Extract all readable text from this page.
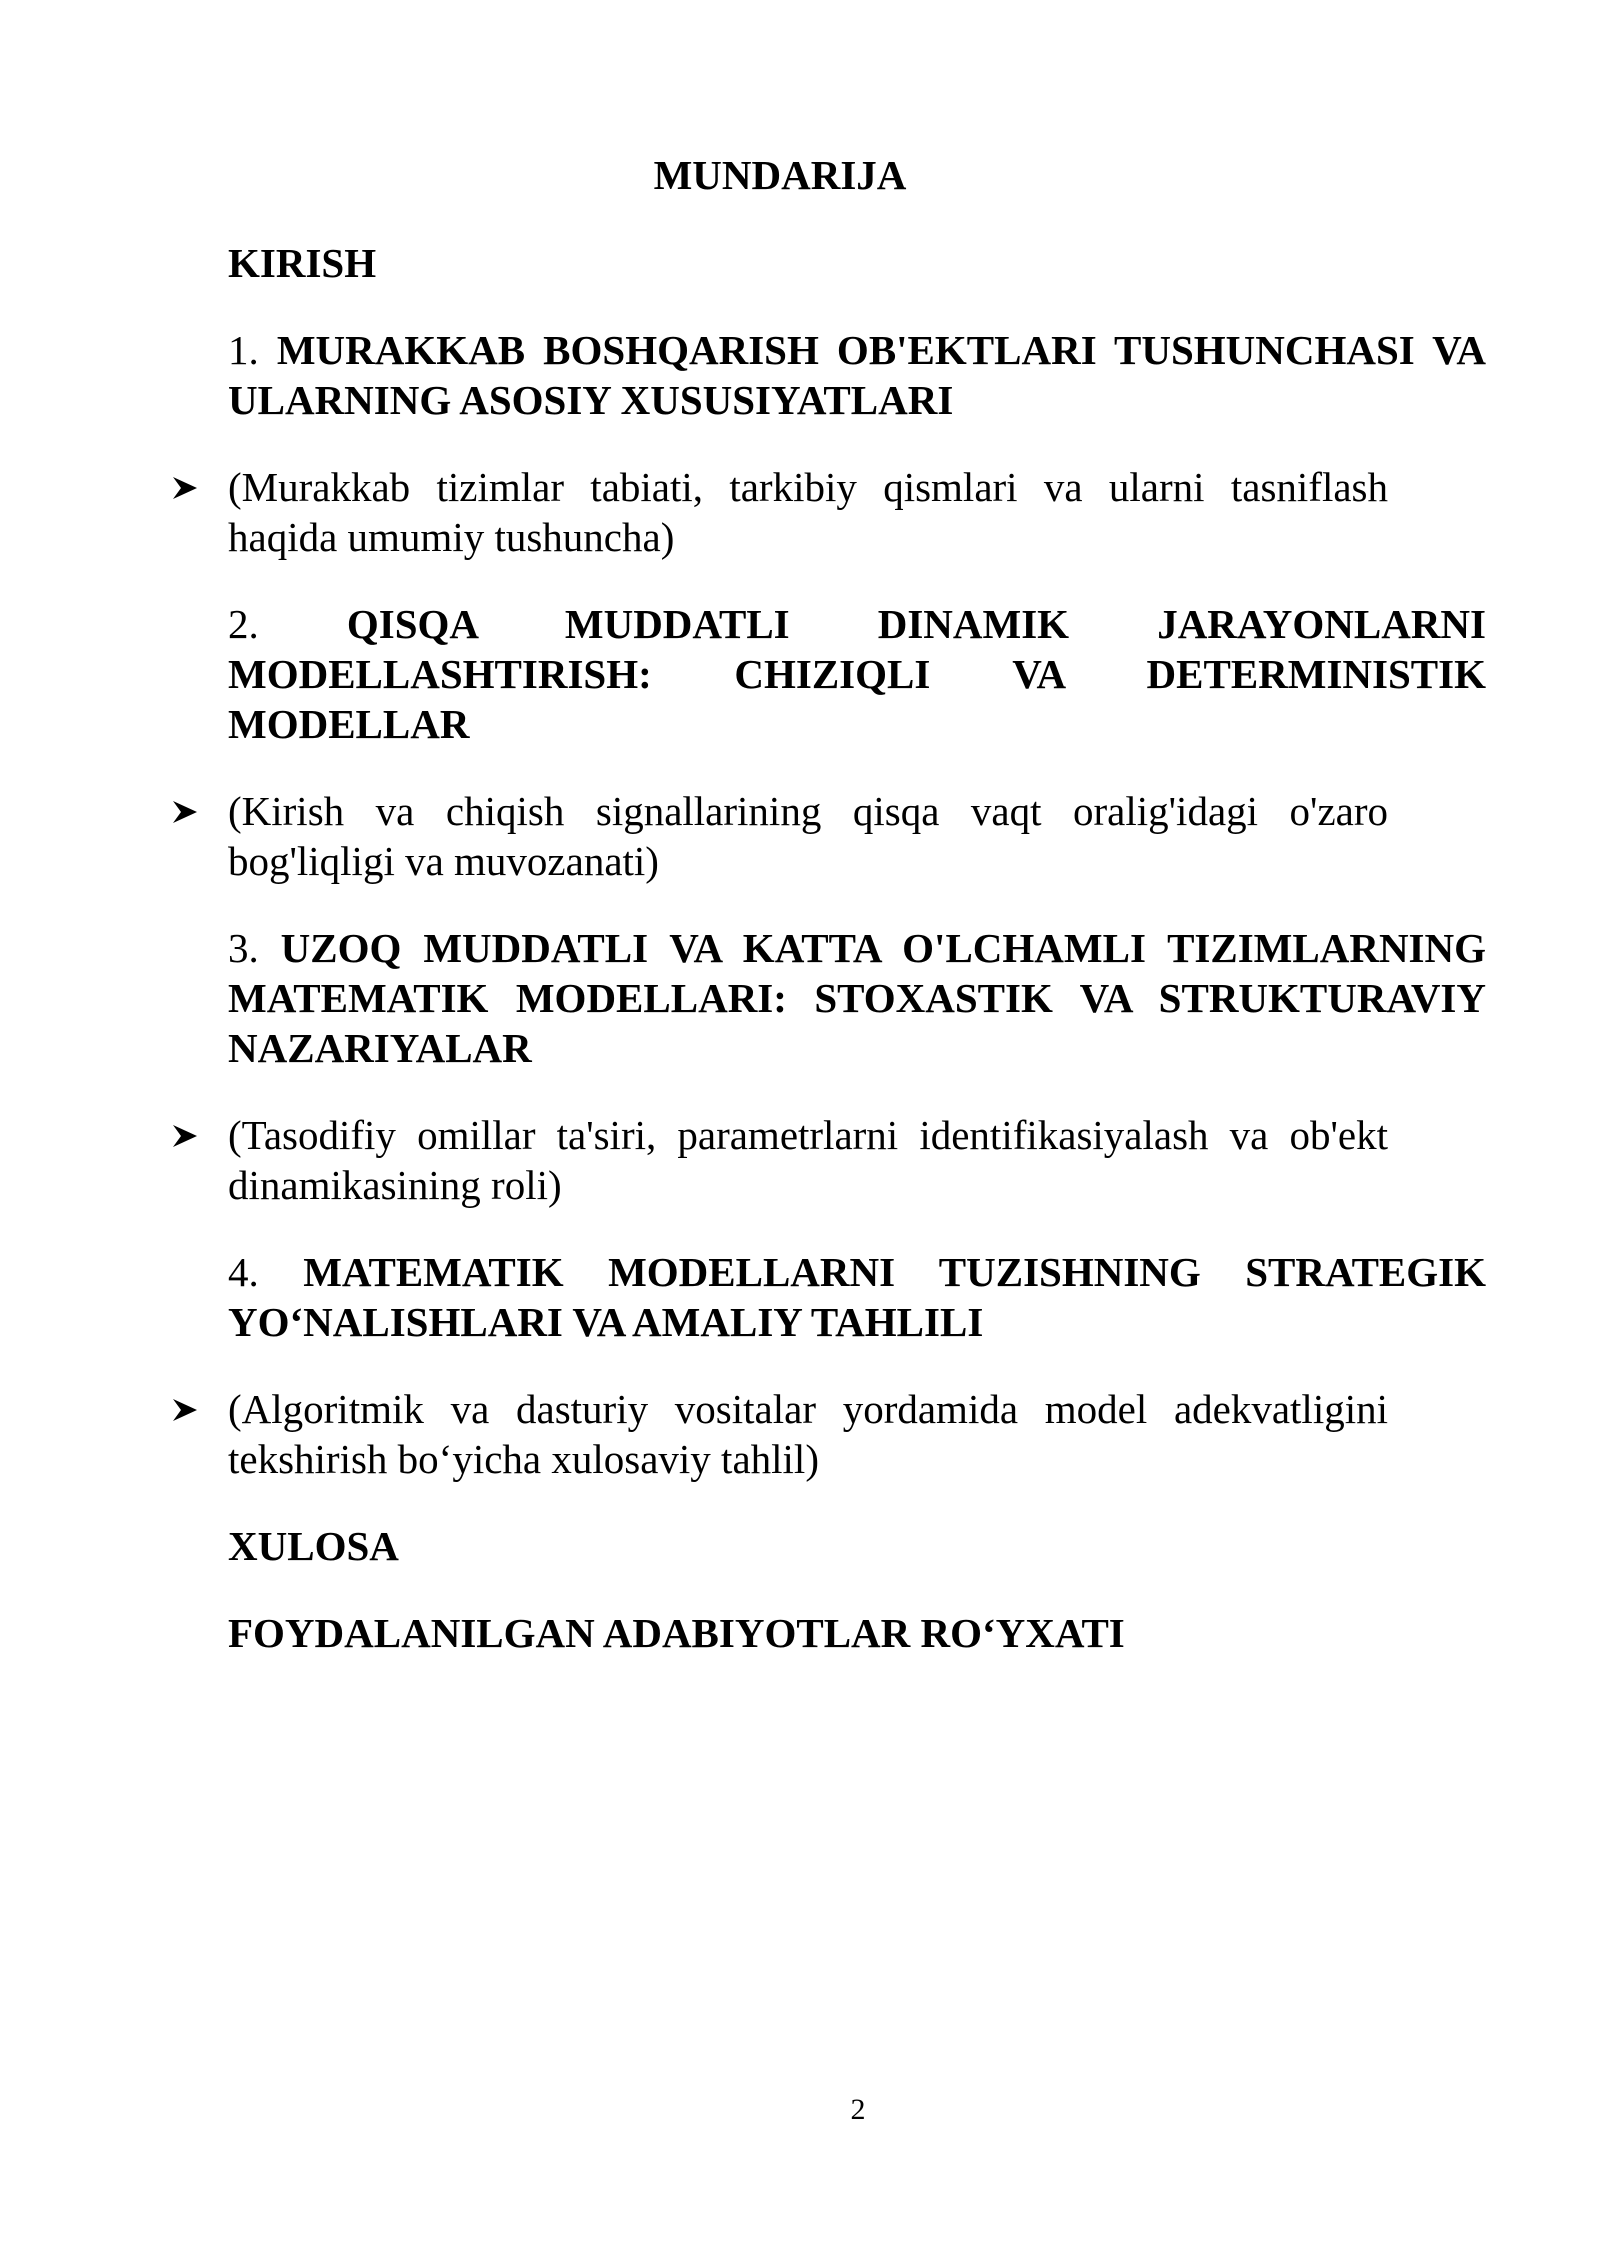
MUNDARIJA
KIRISH
1. MURAKKAB BOSHQARISH OB'EKTLARI TUSHUNCHASI VA ULARNING ASOSIY XUSUSIYATLARI
(Murakkab tizimlar tabiati, tarkibiy qismlari va ularni tasniflash haqida umumiy tushuncha)
2. QISQA MUDDATLI DINAMIK JARAYONLARNI MODELLASHTIRISH: CHIZIQLI VA DETERMINISTIK MODELLAR
(Kirish va chiqish signallarining qisqa vaqt oralig'idagi o'zaro bog'liqligi va muvozanati)
3. UZOQ MUDDATLI VA KATTA O'LCHAMLI TIZIMLARNING MATEMATIK MODELLARI: STOXASTIK VA STRUKTURAVIY NAZARIYALAR
(Tasodifiy omillar ta'siri, parametrlarni identifikasiyalash va ob'ekt dinamikasining roli)
4. MATEMATIK MODELLARNI TUZISHNING STRATEGIK YO‘NALISHLARI VA AMALIY TAHLILI
(Algoritmik va dasturiy vositalar yordamida model adekvatligini tekshirish bo‘yicha xulosaviy tahlil)
XULOSA
FOYDALANILGAN ADABIYOTLAR RO‘YXATI
2
